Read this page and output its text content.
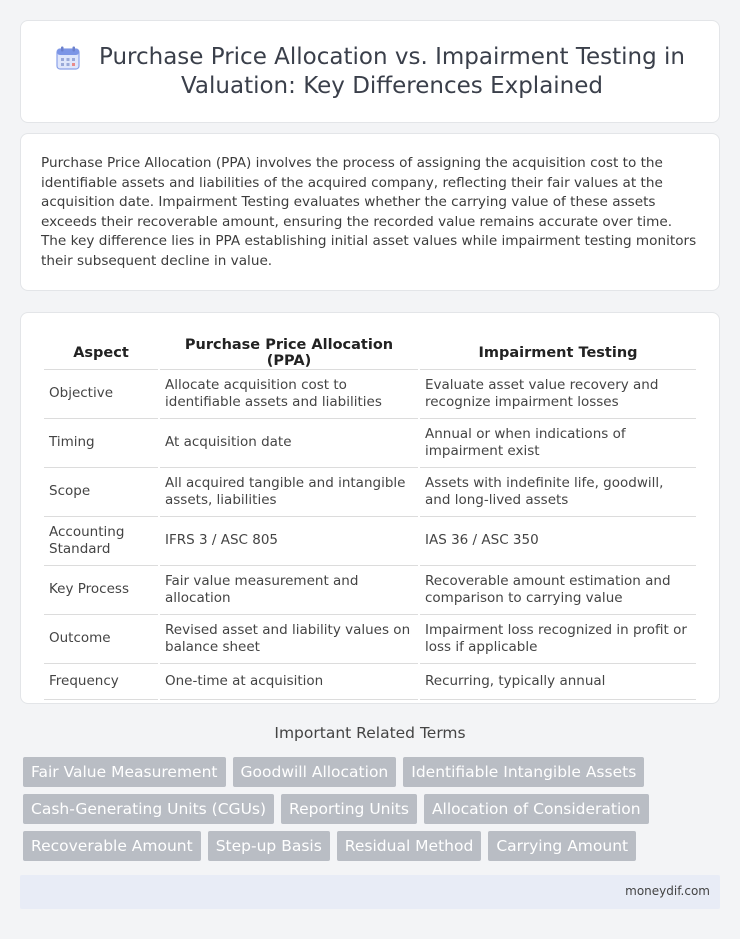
Purchase Price Allocation vs. Impairment Testing in
Valuation: Key Differences Explained

Purchase Price Allocation (PPA) involves the process of assigning the acquisition cost to the identifiable assets and liabilities of the acquired company, reflecting their fair values at the acquisition date. Impairment Testing evaluates whether the carrying value of these assets exceeds their recoverable amount, ensuring the recorded value remains accurate over time. The key difference lies in PPA establishing initial asset values while impairment testing monitors their subsequent decline in value.

Aspect	Purchase Price Allocation (PPA)	Impairment Testing
Objective	Allocate acquisition cost to identifiable assets and liabilities	Evaluate asset value recovery and recognize impairment losses
Timing	At acquisition date	Annual or when indications of impairment exist
Scope	All acquired tangible and intangible assets, liabilities	Assets with indefinite life, goodwill, and long-lived assets
Accounting Standard	IFRS 3 / ASC 805	IAS 36 / ASC 350
Key Process	Fair value measurement and allocation	Recoverable amount estimation and comparison to carrying value
Outcome	Revised asset and liability values on balance sheet	Impairment loss recognized in profit or loss if applicable
Frequency	One-time at acquisition	Recurring, typically annual
Important Related Terms
Fair Value Measurement	Goodwill Allocation	Identifiable Intangible Assets
Cash-Generating Units (CGUs)	Reporting Units	Allocation of Consideration
Recoverable Amount	Step-up Basis	Residual Method	Carrying Amount
moneydif.com
